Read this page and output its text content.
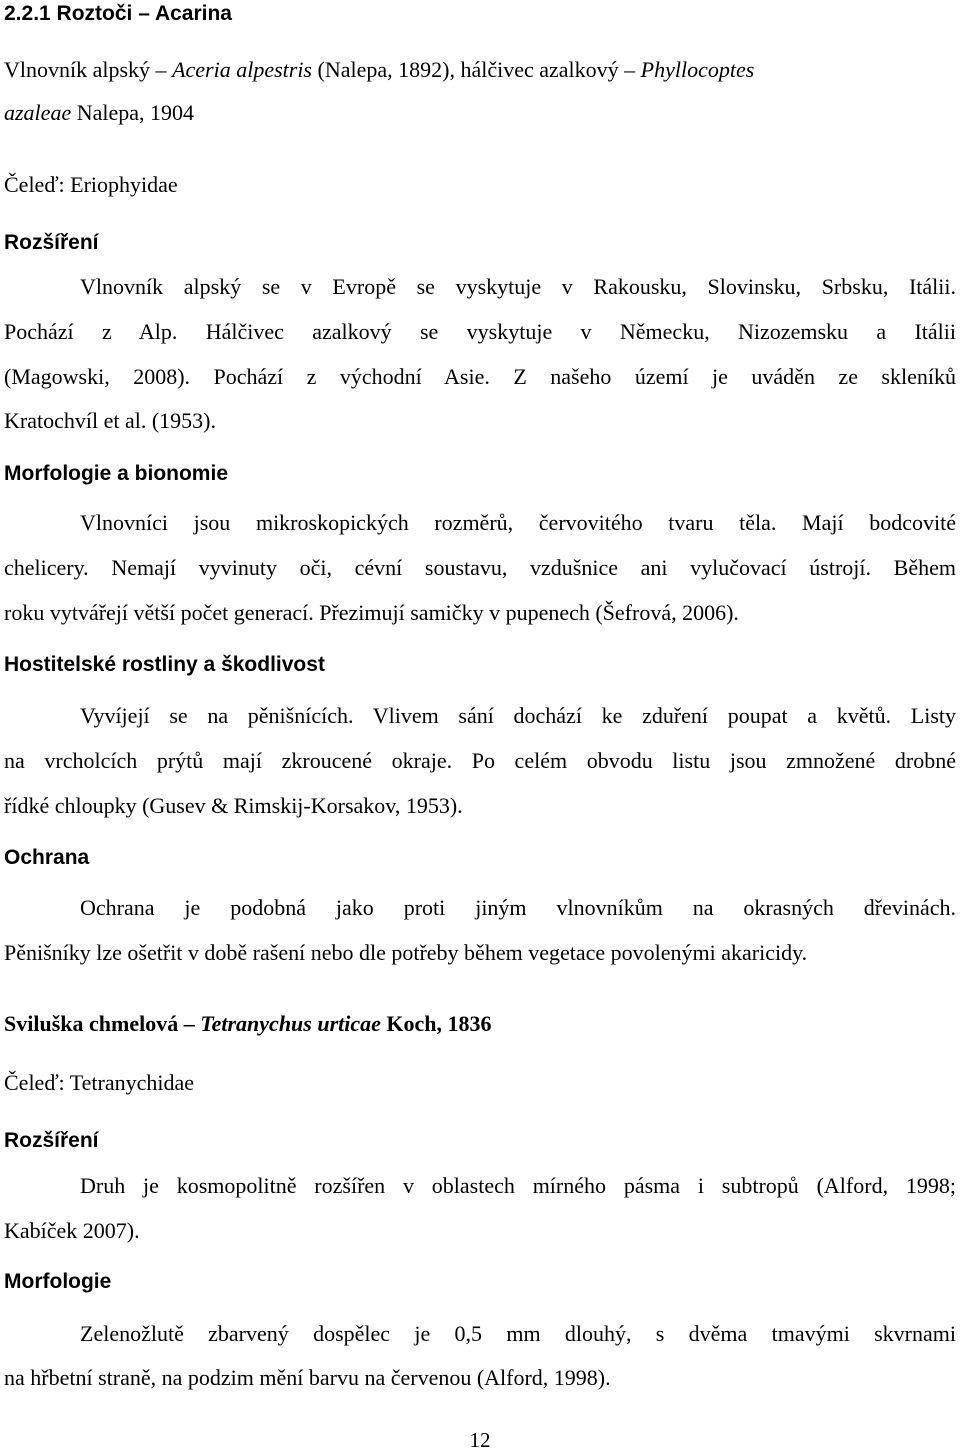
2.2.1 Roztoči – Acarina

Vlnovník alpský – Aceria alpestris (Nalepa, 1892), hálčivec azalkový – Phyllocoptes

azaleae Nalepa, 1904

Čeleď: Eriophyidae

Rozšíření

Vlnovník alpský se v Evropě se vyskytuje v Rakousku, Slovinsku, Srbsku, Itálii.

Pochází z Alp. Hálčivec azalkový se vyskytuje v Německu, Nizozemsku a Itálii

(Magowski, 2008). Pochází z východní Asie. Z našeho území je uváděn ze skleníků

Kratochvíl et al. (1953).

Morfologie a bionomie

Vlnovníci jsou mikroskopických rozměrů, červovitého tvaru těla. Mají bodcovité

chelicery. Nemají vyvinuty oči, cévní soustavu, vzdušnice ani vylučovací ústrojí. Během

roku vytvářejí větší počet generací. Přezimují samičky v pupenech (Šefrová, 2006).

Hostitelské rostliny a škodlivost

Vyvíjejí se na pěnišnících. Vlivem sání dochází ke zduření poupat a květů. Listy

na vrcholcích prýtů mají zkroucené okraje. Po celém obvodu listu jsou zmnožené drobné

řídké chloupky (Gusev & Rimskij-Korsakov, 1953).

Ochrana

Ochrana je podobná jako proti jiným vlnovníkům na okrasných dřevinách.

Pěnišníky lze ošetřit v době rašení nebo dle potřeby během vegetace povolenými akaricidy.

Sviluška chmelová – Tetranychus urticae Koch, 1836

Čeleď: Tetranychidae

Rozšíření

Druh je kosmopolitně rozšířen v oblastech mírného pásma i subtropů (Alford, 1998;

Kabíček 2007).

Morfologie

Zelenožlutě zbarvený dospělec je 0,5 mm dlouhý, s dvěma tmavými skvrnami

na hřbetní straně, na podzim mění barvu na červenou (Alford, 1998).

12
